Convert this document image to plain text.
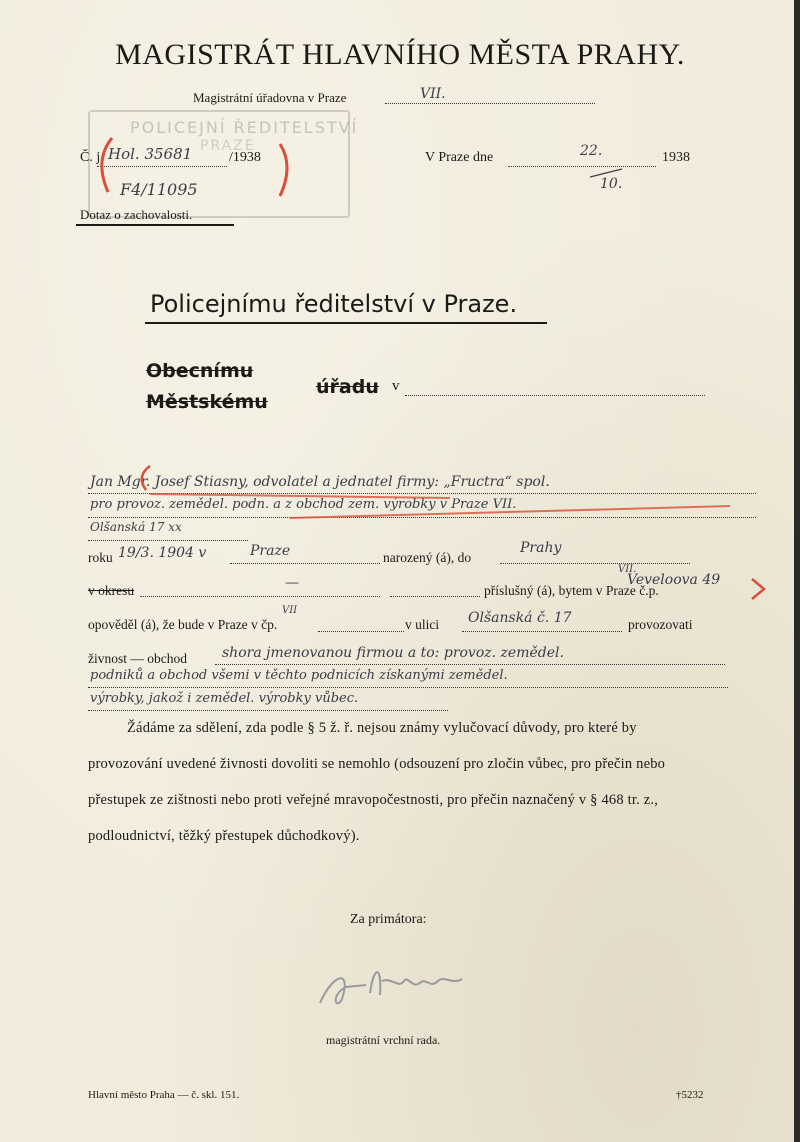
MAGISTRÁT HLAVNÍHO MĚSTA PRAHY.
Magistrátní úřadovna v Praze	VII.
POLICEJNÍ ŘEDITELSTVÍ
PRAZE
Č. j. Hol. 35681	/1938
F4/11095
Dotaz o zachovalosti.
V Praze dne	22.	1938
10.
Policejnímu ředitelství v Praze.
Obecnímu
Městskému
úřadu v
Jan Mgr. Josef Stiasny, odvolatel a jednatel firmy: „Fructra“ spol.
pro provoz. zemědel. podn. a z obchod zem. výrobky v Praze VII.
Olšanská 17 xx
roku 19/3. 1904 v	Praze	narozený (á), do
Prahy
v okresu	—	příslušný (á), bytem v Praze č.p.
Veveloova 49
VII.
opověděl (á), že bude v Praze v čp.
VII
v ulici Olšanská č. 17	provozovati
živnost — obchod	shora jmenovanou firmou a to: provoz. zemědel.
podniků a obchod všemi v těchto podnicích získanými zemědel.
výrobky, jakož i zemědel. výrobky vůbec.
Žádáme za sdělení, zda podle § 5 ž. ř. nejsou známy vylučovací důvody, pro které by
provozování uvedené živnosti dovoliti se nemohlo (odsouzení pro zločin vůbec, pro přečin nebo
přestupek ze zištnosti nebo proti veřejné mravopočestnosti, pro přečin naznačený v § 468 tr. z.,
podloudnictví, těžký přestupek důchodkový).
Za primátora:
magistrátní vrchní rada.
Hlavní město Praha — č. skl. 151.	†5232
